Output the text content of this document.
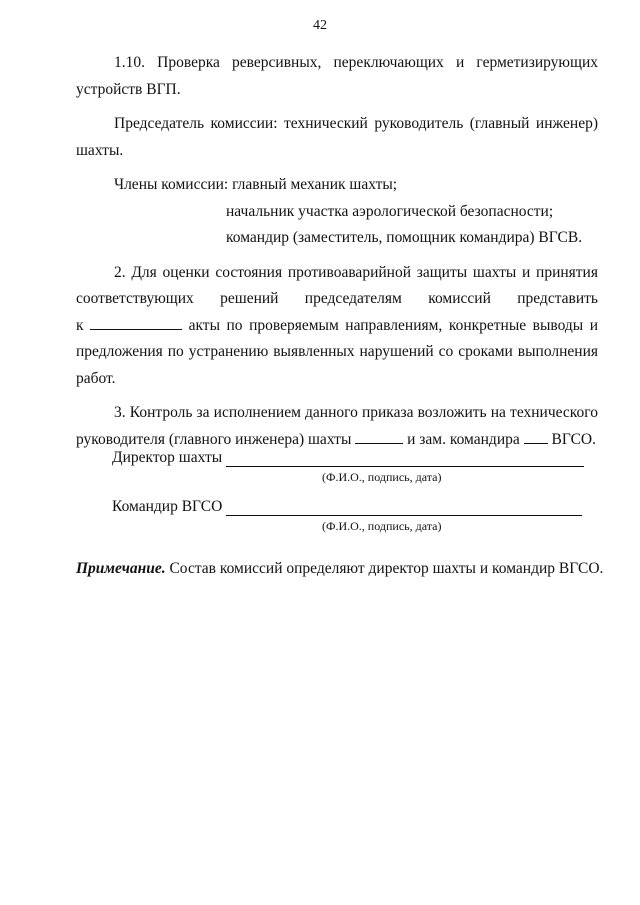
42

1.10. Проверка реверсивных, переключающих и герметизирующих

устройств ВГП.

Председатель комиссии: технический руководитель (главный инженер)

шахты.

Члены комиссии: главный механик шахты;

начальник участка аэрологической безопасности;

командир (заместитель, помощник командира) ВГСВ.

2. Для оценки состояния противоаварийной защиты шахты и принятия

соответствующих решений председателям комиссий представить

к	акты по проверяемым направлениям, конкретные выводы и

предложения по устранению выявленных нарушений со сроками выполнения

работ.

3. Контроль за исполнением данного приказа возложить на технического

руководителя (главного инженера) шахты	и зам. командира ВГСО.

Директор шахты
(Ф.И.О., подпись, дата)
Командир ВГСО
(Ф.И.О., подпись, дата)
Примечание. Состав комиссий определяют директор шахты и командир ВГСО.
